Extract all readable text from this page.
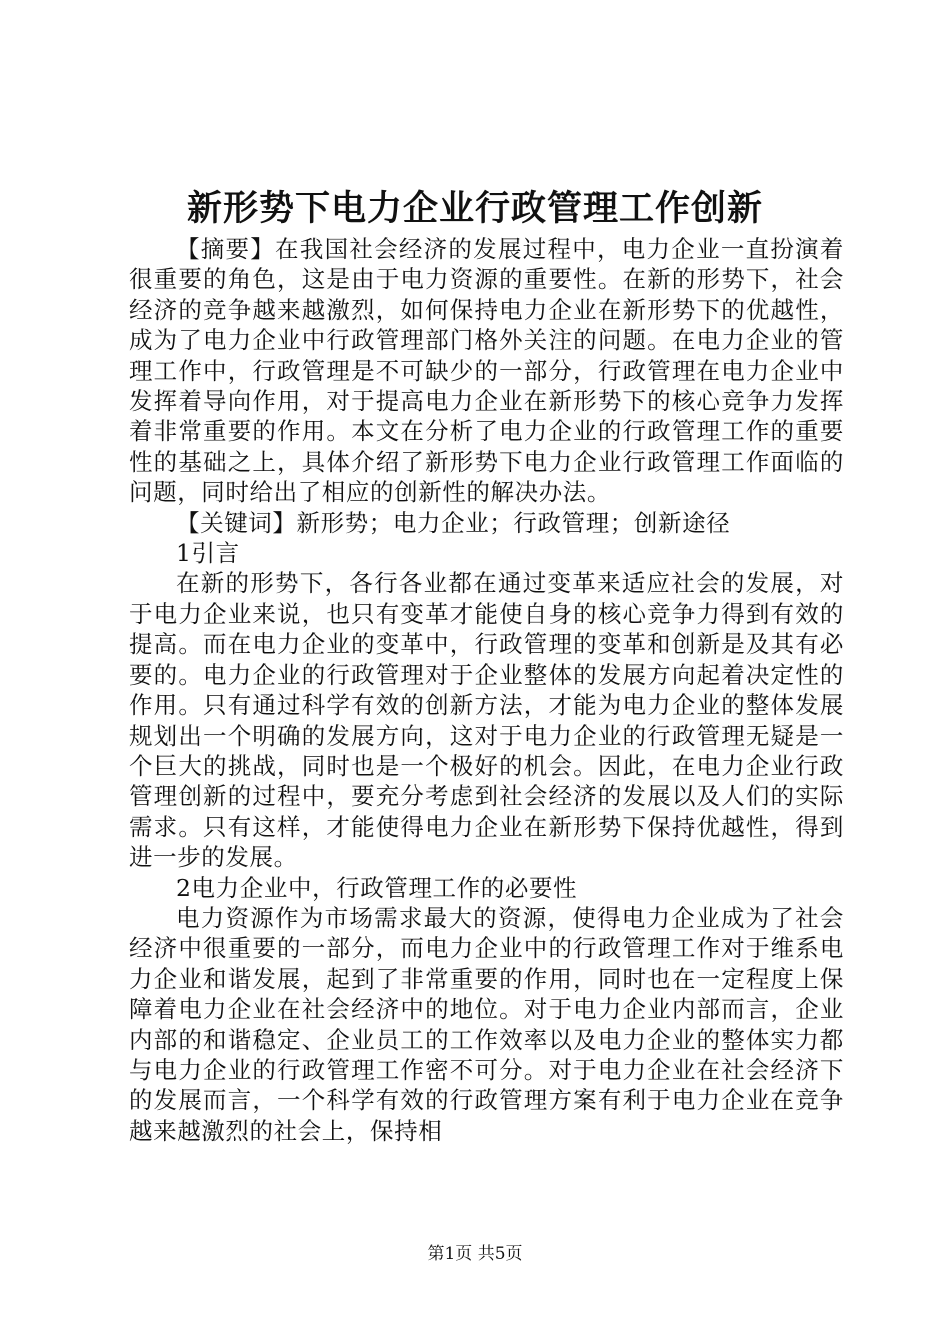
新形势下电力企业行政管理工作创新

【摘要】在我国社会经济的发展过程中，电力企业一直扮演着很重要的角色，这是由于电力资源的重要性。在新的形势下，社会经济的竞争越来越激烈，如何保持电力企业在新形势下的优越性，成为了电力企业中行政管理部门格外关注的问题。在电力企业的管理工作中，行政管理是不可缺少的一部分，行政管理在电力企业中发挥着导向作用，对于提高电力企业在新形势下的核心竞争力发挥着非常重要的作用。本文在分析了电力企业的行政管理工作的重要性的基础之上，具体介绍了新形势下电力企业行政管理工作面临的问题，同时给出了相应的创新性的解决办法。

【关键词】新形势；电力企业；行政管理；创新途径

1引言

在新的形势下，各行各业都在通过变革来适应社会的发展，对于电力企业来说，也只有变革才能使自身的核心竞争力得到有效的提高。而在电力企业的变革中，行政管理的变革和创新是及其有必要的。电力企业的行政管理对于企业整体的发展方向起着决定性的作用。只有通过科学有效的创新方法，才能为电力企业的整体发展规划出一个明确的发展方向，这对于电力企业的行政管理无疑是一个巨大的挑战，同时也是一个极好的机会。因此，在电力企业行政管理创新的过程中，要充分考虑到社会经济的发展以及人们的实际需求。只有这样，才能使得电力企业在新形势下保持优越性，得到进一步的发展。

2电力企业中，行政管理工作的必要性

电力资源作为市场需求最大的资源，使得电力企业成为了社会经济中很重要的一部分，而电力企业中的行政管理工作对于维系电力企业和谐发展，起到了非常重要的作用，同时也在一定程度上保障着电力企业在社会经济中的地位。对于电力企业内部而言，企业内部的和谐稳定、企业员工的工作效率以及电力企业的整体实力都与电力企业的行政管理工作密不可分。对于电力企业在社会经济下的发展而言，一个科学有效的行政管理方案有利于电力企业在竞争越来越激烈的社会上，保持相

第1页 共5页
